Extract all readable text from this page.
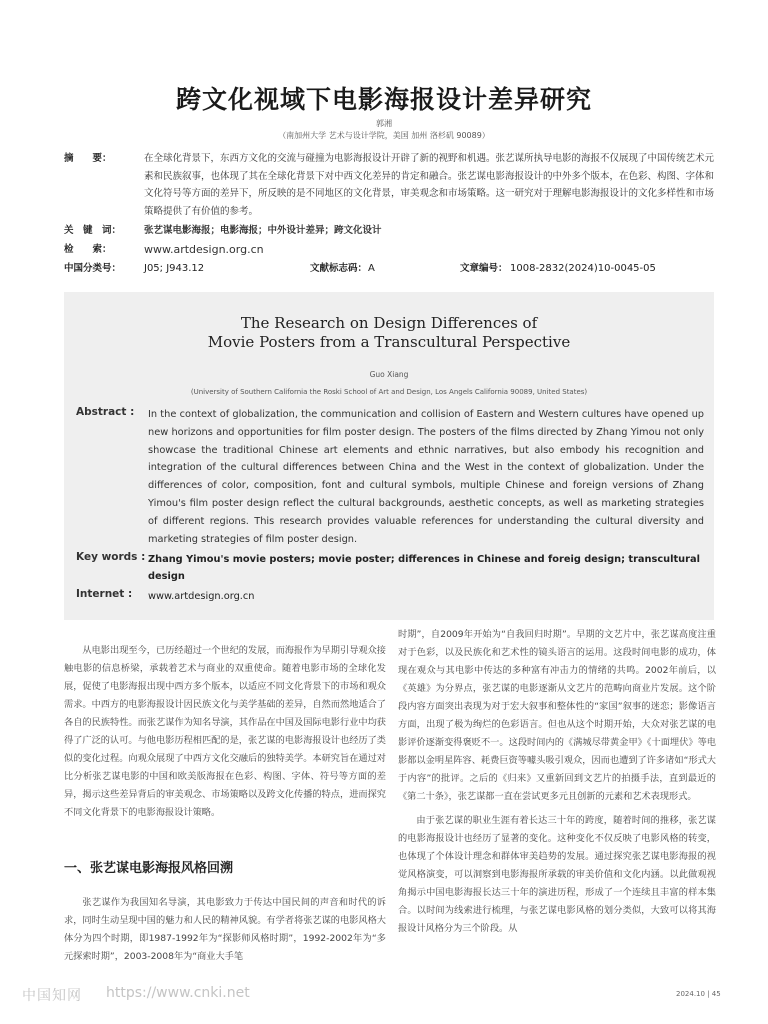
跨文化视域下电影海报设计差异研究
郭湘
（南加州大学 艺术与设计学院，美国 加州 洛杉矶 90089）
摘　　要：	在全球化背景下，东西方文化的交流与碰撞为电影海报设计开辟了新的视野和机遇。张艺谋所执导电影的海报不仅展现了中国传统艺术元素和民族叙事，也体现了其在全球化背景下对中西文化差异的肯定和融合。张艺谋电影海报设计的中外多个版本，在色彩、构图、字体和文化符号等方面的差异下，所反映的是不同地区的文化背景，审美观念和市场策略。这一研究对于理解电影海报设计的文化多样性和市场策略提供了有价值的参考。
关　键　词：	张艺谋电影海报；电影海报；中外设计差异；跨文化设计
检　　索：	www.artdesign.org.cn
中国分类号：	J05; J943.12	文献标志码： A	文章编号： 1008-2832(2024)10-0045-05
The Research on Design Differences of
Movie Posters from a Transcultural Perspective
Guo Xiang
(University of Southern California the Roski School of Art and Design, Los Angels California 90089, United States)
Abstract : In the context of globalization, the communication and collision of Eastern and Western cultures have opened up new horizons and opportunities for film poster design. The posters of the films directed by Zhang Yimou not only showcase the traditional Chinese art elements and ethnic narratives, but also embody his recognition and integration of the cultural differences between China and the West in the context of globalization. Under the differences of color, composition, font and cultural symbols, multiple Chinese and foreign versions of Zhang Yimou's film poster design reflect the cultural backgrounds, aesthetic concepts, as well as marketing strategies of different regions. This research provides valuable references for understanding the cultural diversity and marketing strategies of film poster design.
Key words : Zhang Yimou's movie posters; movie poster; differences in Chinese and foreig design; transcultural design
Internet : www.artdesign.org.cn

从电影出现至今，已历经超过一个世纪的发展，而海报作为早期引导观众接触电影的信息桥梁，承载着艺术与商业的双重使命。随着电影市场的全球化发展，促使了电影海报出现中西方多个版本，以适应不同文化背景下的市场和观众需求。中西方的电影海报设计因民族文化与美学基础的差异，自然而然地适合了各自的民族特性。而张艺谋作为知名导演，其作品在中国及国际电影行业中均获得了广泛的认可。与他电影历程相匹配的是，张艺谋的电影海报设计也经历了类似的变化过程。向观众展现了中西方文化交融后的独特美学。本研究旨在通过对比分析张艺谋电影的中国和欧美版海报在色彩、构图、字体、符号等方面的差异，揭示这些差异背后的审美观念、市场策略以及跨文化传播的特点，进而探究不同文化背景下的电影海报设计策略。

一、张艺谋电影海报风格回溯

张艺谋作为我国知名导演，其电影致力于传达中国民间的声音和时代的诉求，同时生动呈现中国的魅力和人民的精神风貌。有学者将张艺谋的电影风格大体分为四个时期，即1987-1992年为“探影师风格时期”，1992-2002年为“多元探索时期”，2003-2008年为“商业大手笔

时期”，自2009年开始为“自我回归时期”。早期的文艺片中，张艺谋高度注重对于色彩，以及民族化和艺术性的镜头语言的运用。这段时间电影的成功，体现在观众与其电影中传达的多种富有冲击力的情绪的共鸣。2002年前后，以《英雄》为分界点，张艺谋的电影逐渐从文艺片的范畴向商业片发展。这个阶段内容方面突出表现为对于宏大叙事和整体性的“家国”叙事的迷恋；影像语言方面，出现了极为绚烂的色彩语言。但也从这个时期开始，大众对张艺谋的电影评价逐渐变得褒贬不一。这段时间内的《满城尽带黄金甲》《十面埋伏》等电影都以金明星阵容、耗费巨资等噱头吸引观众，因而也遭到了许多诸如“形式大于内容”的批评。之后的《归来》又重新回到文艺片的拍摄手法，直到最近的《第二十条》，张艺谋都一直在尝试更多元且创新的元素和艺术表现形式。

由于张艺谋的职业生涯有着长达三十年的跨度，随着时间的推移，张艺谋的电影海报设计也经历了显著的变化。这种变化不仅反映了电影风格的转变，也体现了个体设计理念和群体审美趋势的发展。通过探究张艺谋电影海报的视觉风格演变，可以洞察到电影海报所承载的审美价值和文化内涵。以此做观视角揭示中国电影海报长达三十年的演进历程，形成了一个连续且丰富的样本集合。以时间为线索进行梳理，与张艺谋电影风格的划分类似，大致可以将其海报设计风格分为三个阶段。从

中国知网 https://www.cnki.net	2024.10 | 45
